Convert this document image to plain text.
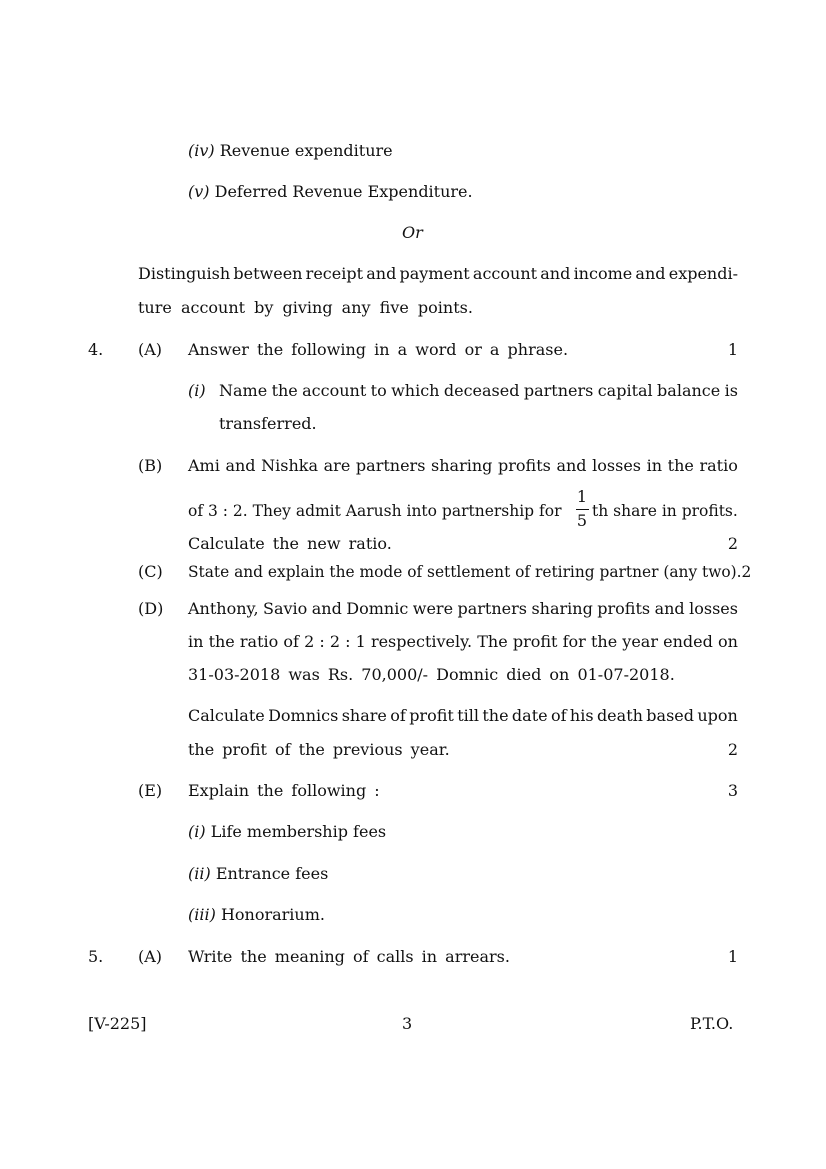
(iv) Revenue expenditure
(v) Deferred Revenue Expenditure.
Or
Distinguish between receipt and payment account and income and expendi-
ture account by giving any five points.
4. (A) Answer the following in a word or a phrase.	1
(i) Name the account to which deceased partners capital balance is
transferred.
(B) Ami and Nishka are partners sharing profits and losses in the ratio
of 3 : 2. They admit Aarush into partnership for
1
5 th share in profits.
Calculate the new ratio.	2
(C) State and explain the mode of settlement of retiring partner (any two).2
(D) Anthony, Savio and Domnic were partners sharing profits and losses
in the ratio of 2 : 2 : 1 respectively. The profit for the year ended on
31-03-2018 was Rs. 70,000/- Domnic died on 01-07-2018.
Calculate Domnics share of profit till the date of his death based upon
the profit of the previous year.	2
(E) Explain the following :	3
(i) Life membership fees
(ii) Entrance fees
(iii) Honorarium.
5. (A) Write the meaning of calls in arrears.	1
[V-225]	3	P.T.O.
